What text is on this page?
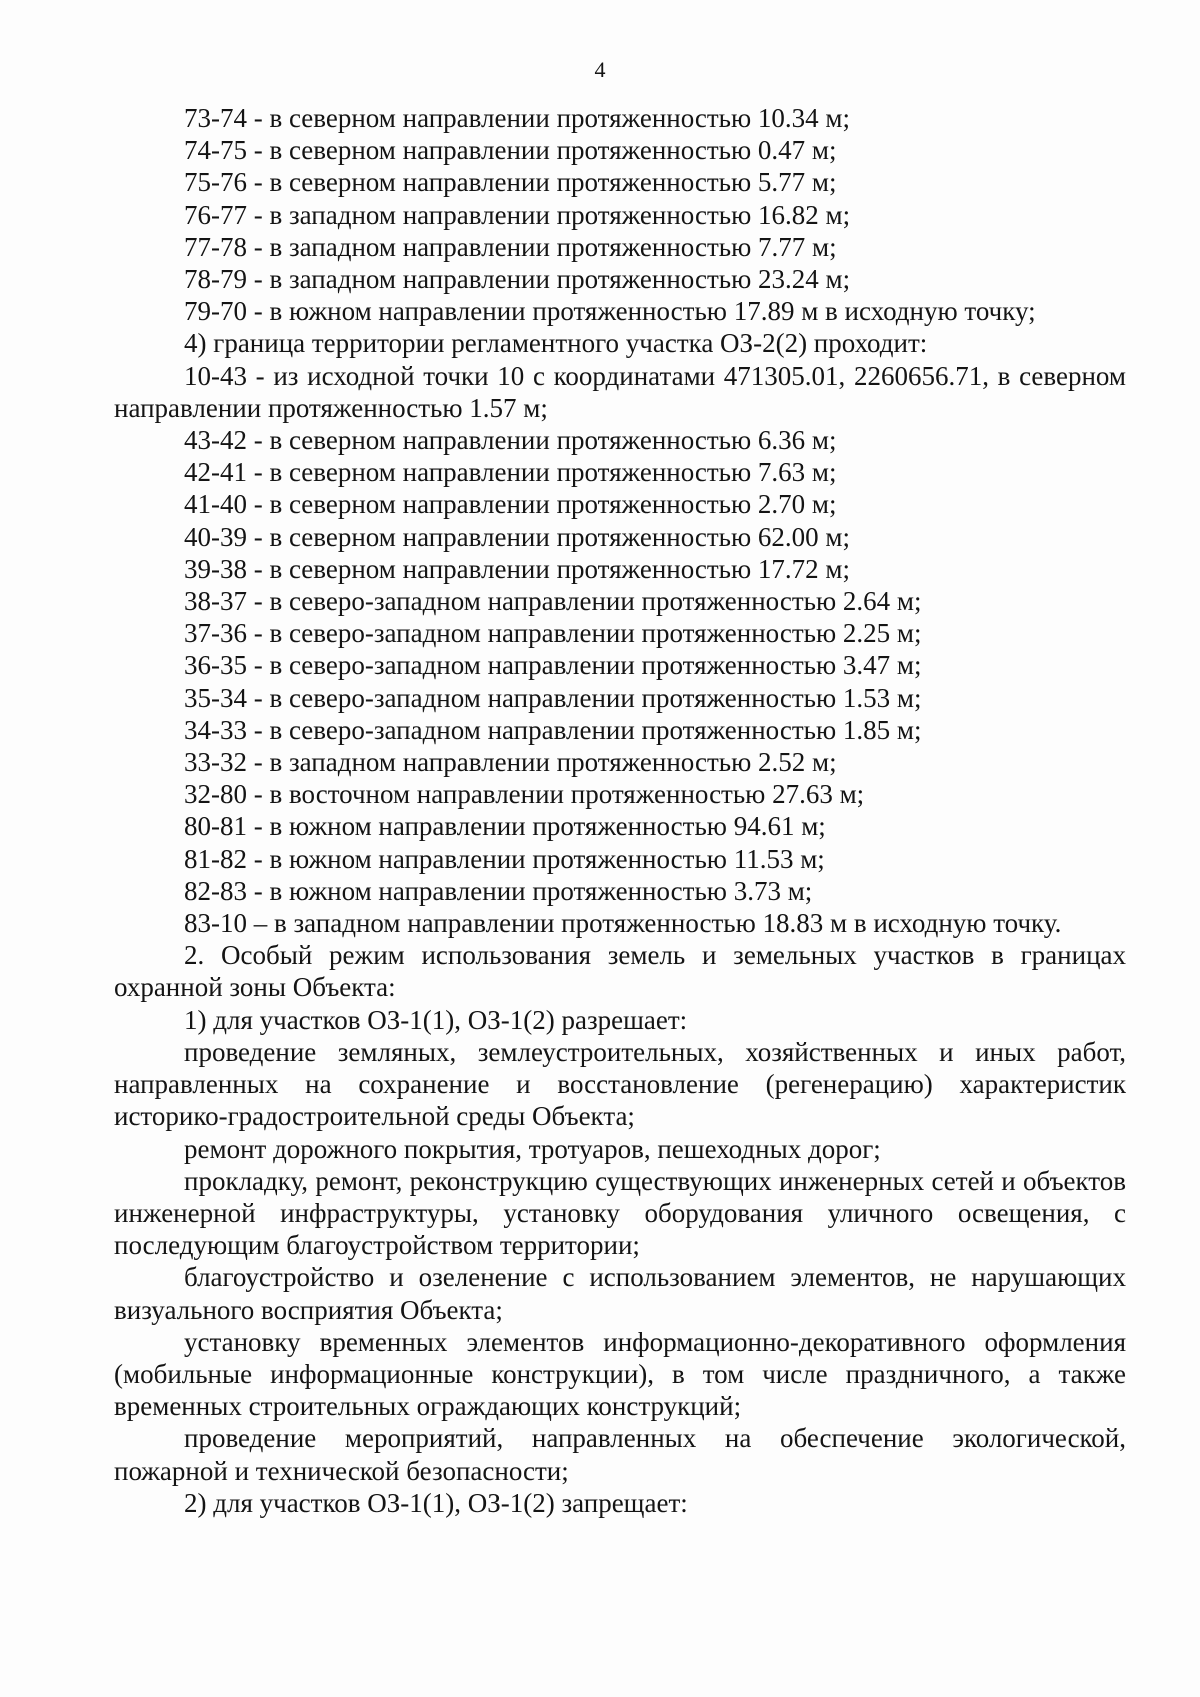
4
73-74 - в северном направлении протяженностью 10.34 м;
74-75 - в северном направлении протяженностью 0.47 м;
75-76 - в северном направлении протяженностью 5.77 м;
76-77 - в западном направлении протяженностью 16.82 м;
77-78 - в западном направлении протяженностью 7.77 м;
78-79 - в западном направлении протяженностью 23.24 м;
79-70 - в южном направлении протяженностью 17.89 м в исходную точку;
4) граница территории регламентного участка ОЗ-2(2) проходит:
10-43 - из исходной точки 10 с координатами 471305.01, 2260656.71, в северном направлении протяженностью 1.57 м;
43-42 - в северном направлении протяженностью 6.36 м;
42-41 - в северном направлении протяженностью 7.63 м;
41-40 - в северном направлении протяженностью 2.70 м;
40-39 - в северном направлении протяженностью 62.00 м;
39-38 - в северном направлении протяженностью 17.72 м;
38-37 - в северо-западном направлении протяженностью 2.64 м;
37-36 - в северо-западном направлении протяженностью 2.25 м;
36-35 - в северо-западном направлении протяженностью 3.47 м;
35-34 - в северо-западном направлении протяженностью 1.53 м;
34-33 - в северо-западном направлении протяженностью 1.85 м;
33-32 - в западном направлении протяженностью 2.52 м;
32-80 - в восточном направлении протяженностью 27.63 м;
80-81 - в южном направлении протяженностью 94.61 м;
81-82 - в южном направлении протяженностью 11.53 м;
82-83 - в южном направлении протяженностью 3.73 м;
83-10 – в западном направлении протяженностью 18.83 м в исходную точку.
2. Особый режим использования земель и земельных участков в границах охранной зоны Объекта:
1) для участков ОЗ-1(1), ОЗ-1(2) разрешает:
проведение земляных, землеустроительных, хозяйственных и иных работ, направленных на сохранение и восстановление (регенерацию) характеристик историко-градостроительной среды Объекта;
ремонт дорожного покрытия, тротуаров, пешеходных дорог;
прокладку, ремонт, реконструкцию существующих инженерных сетей и объектов инженерной инфраструктуры, установку оборудования уличного освещения, с последующим благоустройством территории;
благоустройство и озеленение с использованием элементов, не нарушающих визуального восприятия Объекта;
установку временных элементов информационно-декоративного оформления (мобильные информационные конструкции), в том числе праздничного, а также временных строительных ограждающих конструкций;
проведение мероприятий, направленных на обеспечение экологической, пожарной и технической безопасности;
2) для участков ОЗ-1(1), ОЗ-1(2) запрещает:
